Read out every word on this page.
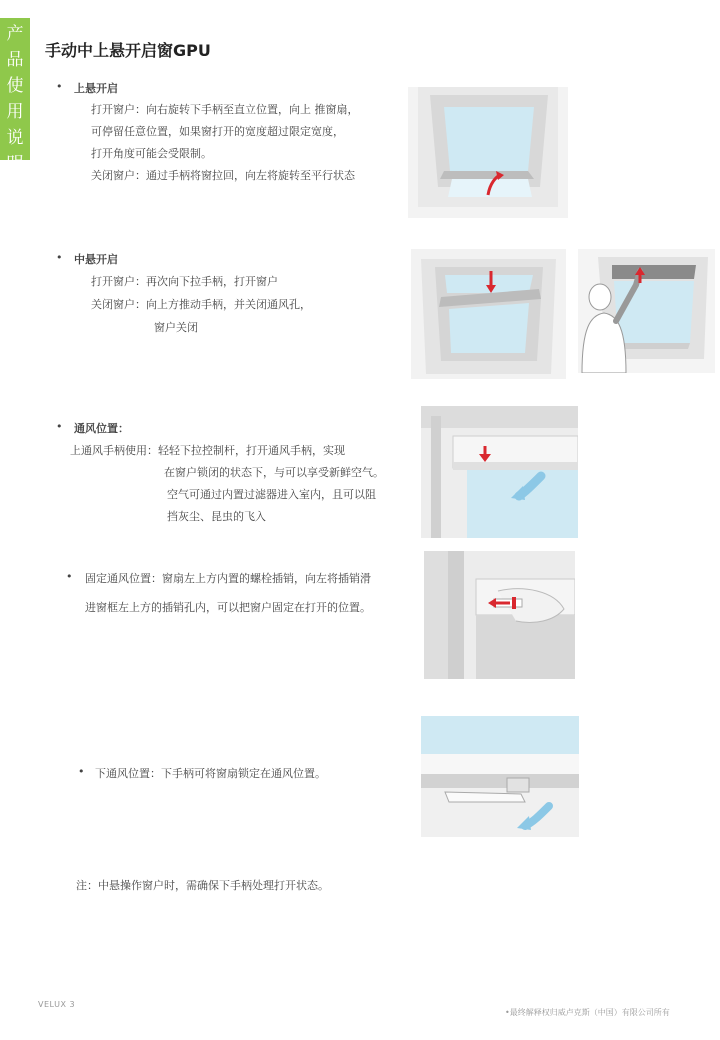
产
品
使
用
说
明
手动中上悬开启窗GPU
• 上悬开启
打开窗户：向右旋转下手柄至直立位置，向上 推窗扇，
可停留任意位置，如果窗打开的宽度超过限定宽度，
打开角度可能会受限制。
关闭窗户：通过手柄将窗拉回，向左将旋转至平行状态
• 中悬开启
打开窗户：再次向下拉手柄，打开窗户
关闭窗户：向上方推动手柄，并关闭通风孔，
窗户关闭
• 通风位置：
上通风手柄使用：轻轻下拉控制杆，打开通风手柄，实现
在窗户锁闭的状态下，与可以享受新鲜空气。
空气可通过内置过滤器进入室内，且可以阻
挡灰尘、昆虫的飞入
• 固定通风位置：窗扇左上方内置的螺栓插销，向左将插销滑
进窗框左上方的插销孔内，可以把窗户固定在打开的位置。
• 下通风位置：下手柄可将窗扇锁定在通风位置。
注：中悬操作窗户时，需确保下手柄处理打开状态。
VELUX 3
•最终解释权归威卢克斯（中国）有限公司所有
